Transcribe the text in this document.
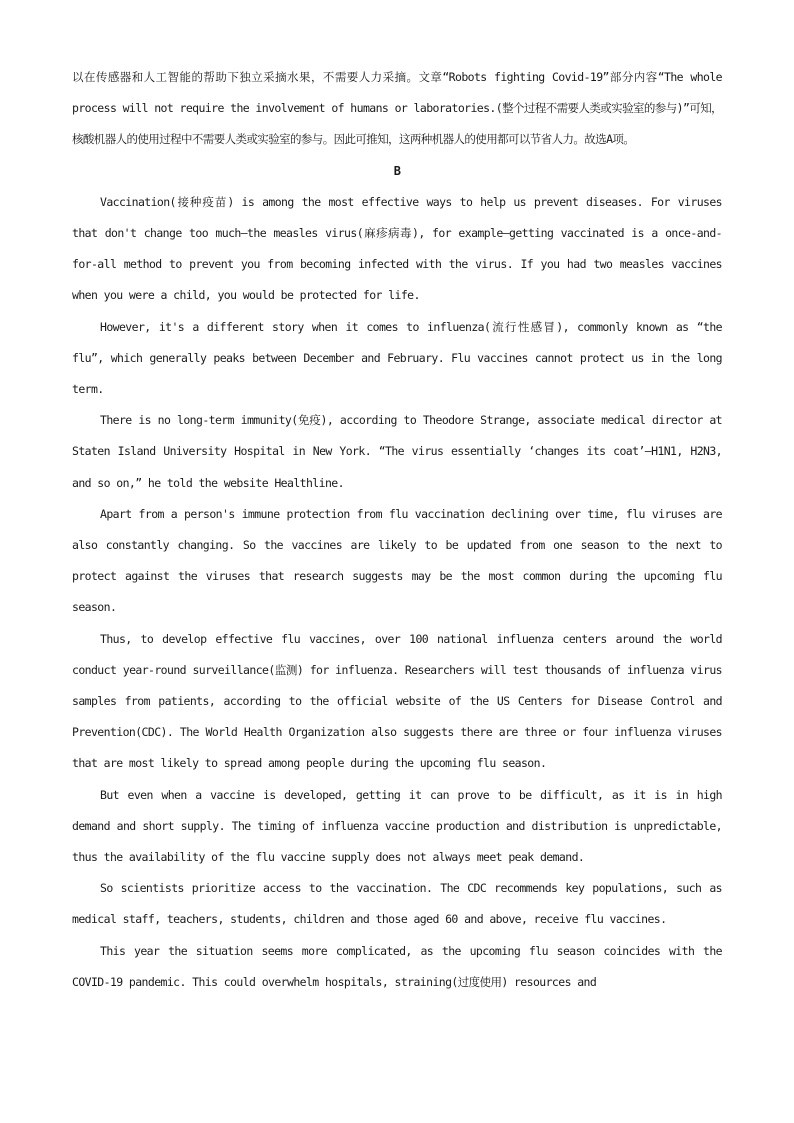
以在传感器和人工智能的帮助下独立采摘水果，不需要人力采摘。文章“Robots fighting Covid-19”部分内容“The whole process will not require the involvement of humans or laboratories.(整个过程不需要人类或实验室的参与)”可知，核酸机器人的使用过程中不需要人类或实验室的参与。因此可推知，这两种机器人的使用都可以节省人力。故选A项。

B

Vaccination(接种疫苗) is among the most effective ways to help us prevent diseases. For viruses that don't change too much—the measles virus(麻疹病毒), for example—getting vaccinated is a once-and-for-all method to prevent you from becoming infected with the virus. If you had two measles vaccines when you were a child, you would be protected for life.

However, it's a different story when it comes to influenza(流行性感冒), commonly known as “the flu”, which generally peaks between December and February. Flu vaccines cannot protect us in the long term.

There is no long-term immunity(免疫), according to Theodore Strange, associate medical director at Staten Island University Hospital in New York. “The virus essentially ‘changes its coat’—H1N1, H2N3, and so on,” he told the website Healthline.

Apart from a person's immune protection from flu vaccination declining over time, flu viruses are also constantly changing. So the vaccines are likely to be updated from one season to the next to protect against the viruses that research suggests may be the most common during the upcoming flu season.

Thus, to develop effective flu vaccines, over 100 national influenza centers around the world conduct year-round surveillance(监测) for influenza. Researchers will test thousands of influenza virus samples from patients, according to the official website of the US Centers for Disease Control and Prevention(CDC). The World Health Organization also suggests there are three or four influenza viruses that are most likely to spread among people during the upcoming flu season.

But even when a vaccine is developed, getting it can prove to be difficult, as it is in high demand and short supply. The timing of influenza vaccine production and distribution is unpredictable, thus the availability of the flu vaccine supply does not always meet peak demand.

So scientists prioritize access to the vaccination. The CDC recommends key populations, such as medical staff, teachers, students, children and those aged 60 and above, receive flu vaccines.

This year the situation seems more complicated, as the upcoming flu season coincides with the COVID-19 pandemic. This could overwhelm hospitals, straining(过度使用) resources and
